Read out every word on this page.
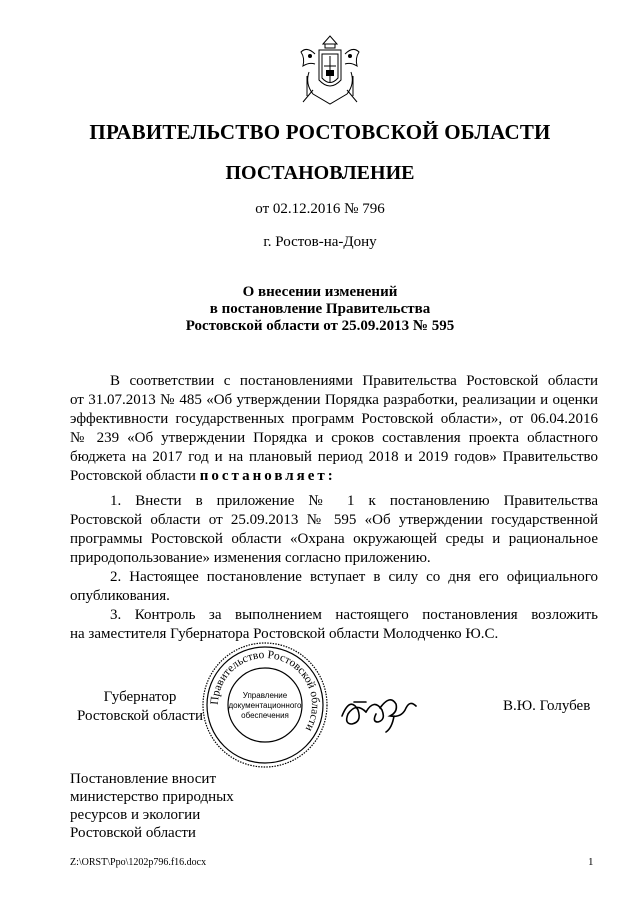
ПРАВИТЕЛЬСТВО РОСТОВСКОЙ ОБЛАСТИ
ПОСТАНОВЛЕНИЕ
от 02.12.2016 № 796
г. Ростов-на-Дону
О внесении изменений
в постановление Правительства
Ростовской области от 25.09.2013 № 595
В соответствии с постановлениями Правительства Ростовской области
от 31.07.2013 № 485 «Об утверждении Порядка разработки, реализации и оценки
эффективности государственных программ Ростовской области», от 06.04.2016
№ 239 «Об утверждении Порядка и сроков составления проекта областного
бюджета на 2017 год и на плановый период 2018 и 2019 годов» Правительство
Ростовской области постановляет:
1. Внести в приложение № 1 к постановлению Правительства
Ростовской области от 25.09.2013 № 595 «Об утверждении государственной
программы Ростовской области «Охрана окружающей среды и рациональное
природопользование» изменения согласно приложению.
2. Настоящее постановление вступает в силу со дня его официального
опубликования.
3. Контроль за выполнением настоящего постановления возложить
на заместителя Губернатора Ростовской области Молодченко Ю.С.
Губернатор
Ростовской области
Правительство Ростовской области
Управление
документационного
обеспечения
В.Ю. Голубев
Постановление вносит
министерство природных
ресурсов и экологии
Ростовской области
Z:\ORST\Ppo\1202p796.f16.docx	1
